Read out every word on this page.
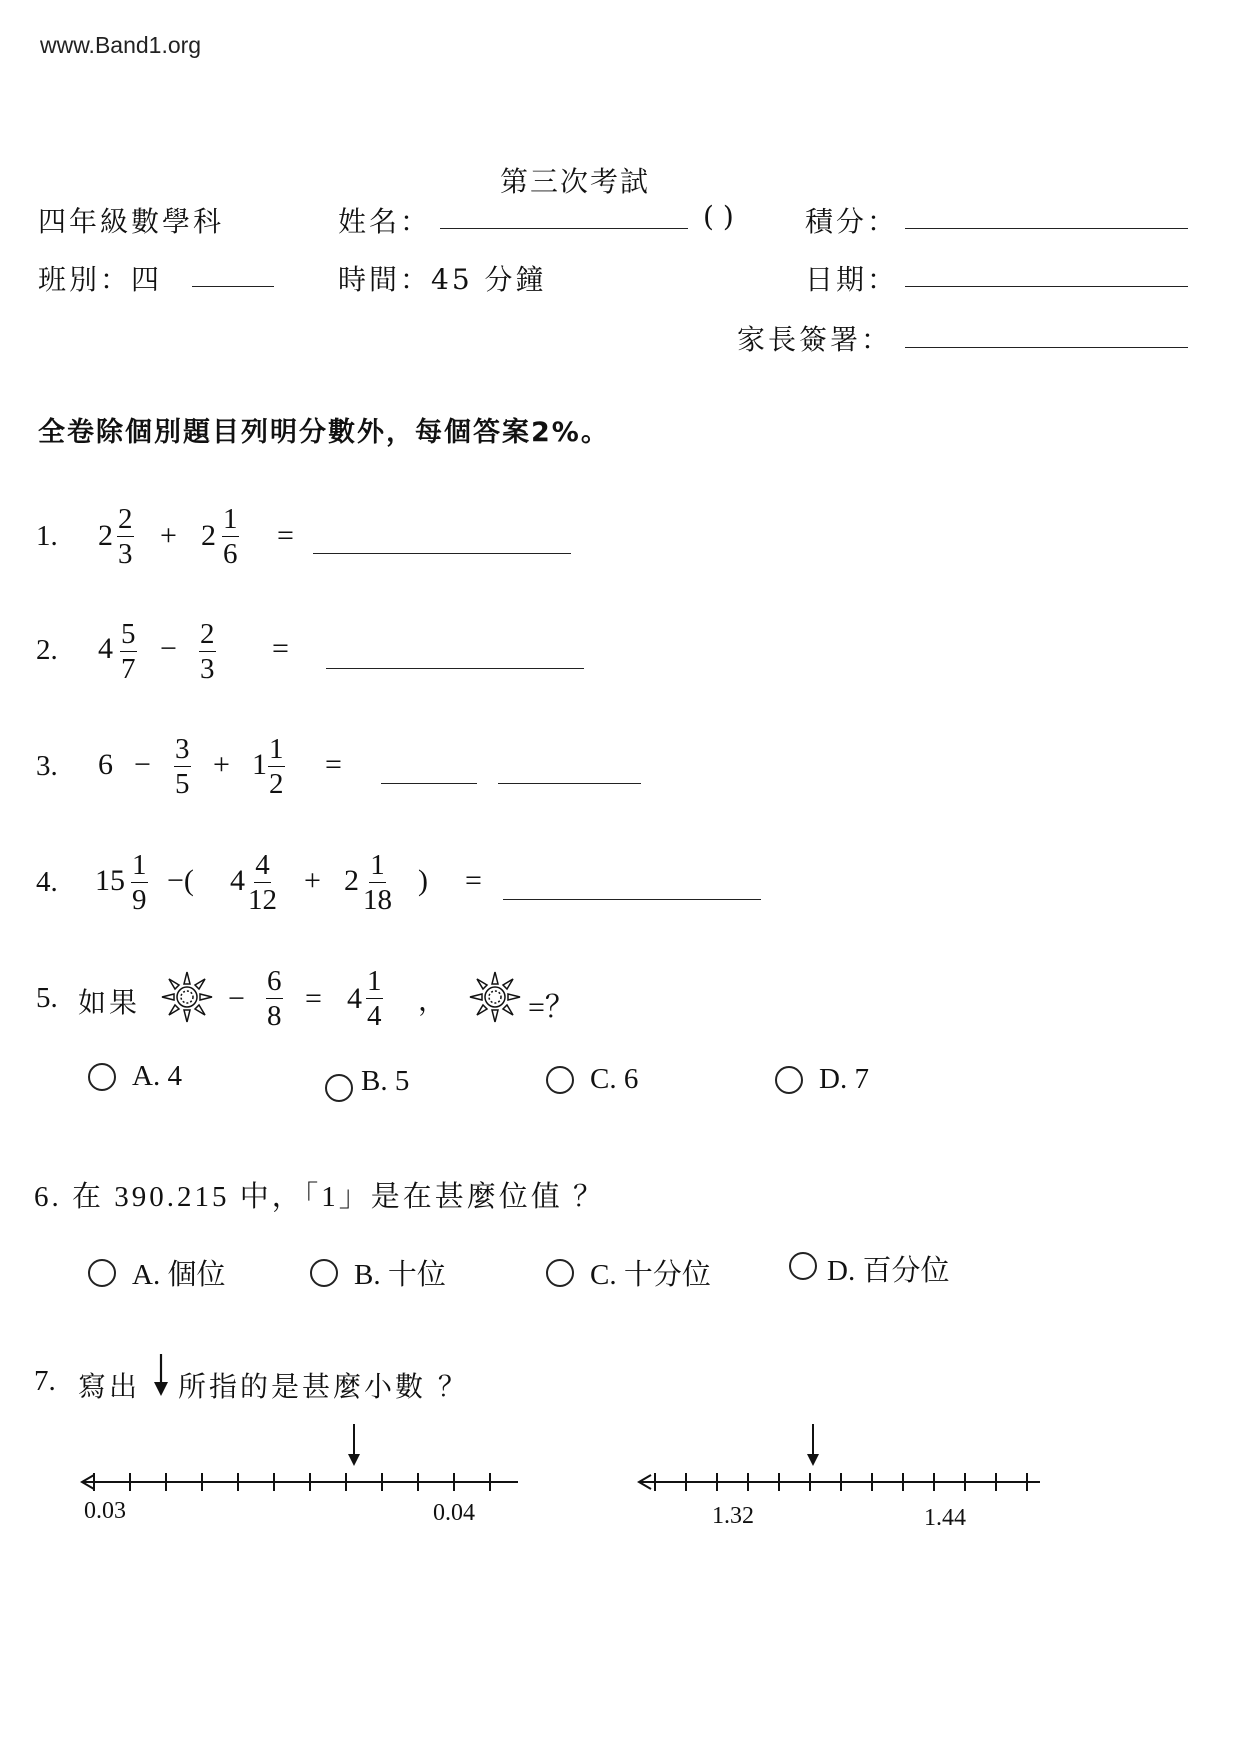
www.Band1.org
第三次考試
四年級數學科	姓名：	( )	積分：
班別：四	時間：45 分鐘	日期：
家長簽署：
全卷除個別題目列明分數外，每個答案2%。
1. $2 \frac{2}{3} + 2 \frac{1}{6}$ =
2. $4 \frac{5}{7} - \frac{2}{3}$ =
3. $6 - \frac{3}{5} + 1 \frac{1}{2}$ =
4. $15 \frac{1}{9}$ −( $4 \frac{4}{12} + 2 \frac{1}{18}$ ) =
5. 如果	− $\frac{6}{8} = 4 \frac{1}{4}$ ，	=？
A. 4	B. 5	C. 6	D. 7
6. 在 390.215 中，「1」是在甚麼位值 ？
A. 個位	B. 十位	C. 十分位	D. 百分位
7. 寫出 所指的是甚麼小數 ？
0.03	0.04	1.32	1.44
